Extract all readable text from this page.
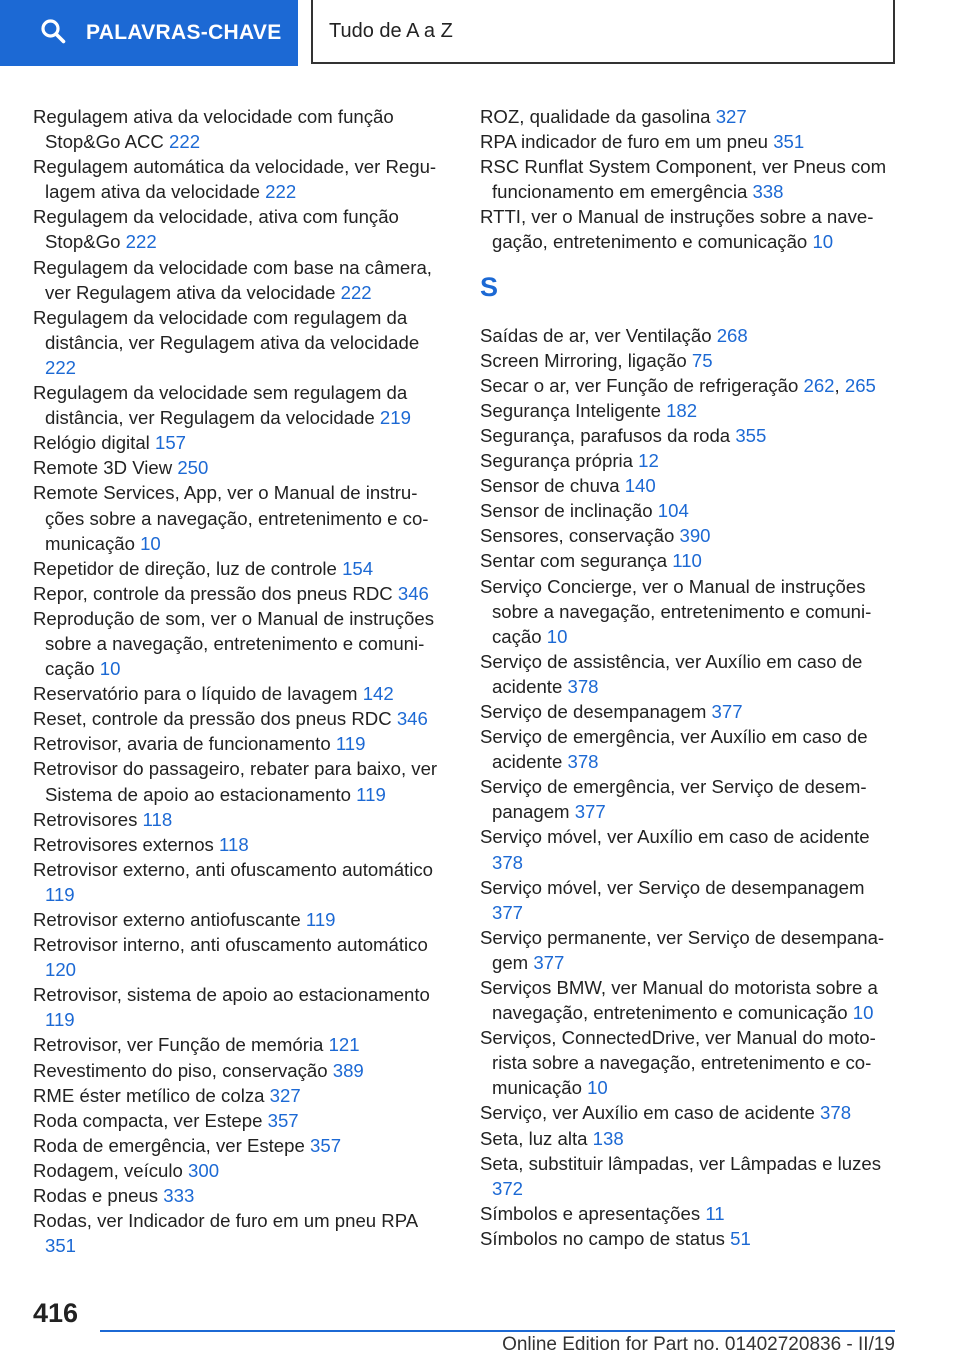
PALAVRAS-CHAVE Tudo de A a Z
Regulagem ativa da velocidade com função Stop&Go ACC 222
Regulagem automática da velocidade, ver Regulagem ativa da velocidade 222
Regulagem da velocidade, ativa com função Stop&Go 222
Regulagem da velocidade com base na câmera, ver Regulagem ativa da velocidade 222
Regulagem da velocidade com regulagem da distância, ver Regulagem ativa da velocidade 222
Regulagem da velocidade sem regulagem da distância, ver Regulagem da velocidade 219
Relógio digital 157
Remote 3D View 250
Remote Services, App, ver o Manual de instruções sobre a navegação, entretenimento e comunicação 10
Repetidor de direção, luz de controle 154
Repor, controle da pressão dos pneus RDC 346
Reprodução de som, ver o Manual de instruções sobre a navegação, entretenimento e comunicação 10
Reservatório para o líquido de lavagem 142
Reset, controle da pressão dos pneus RDC 346
Retrovisor, avaria de funcionamento 119
Retrovisor do passageiro, rebater para baixo, ver Sistema de apoio ao estacionamento 119
Retrovisores 118
Retrovisores externos 118
Retrovisor externo, anti ofuscamento automático 119
Retrovisor externo antiofuscante 119
Retrovisor interno, anti ofuscamento automático 120
Retrovisor, sistema de apoio ao estacionamento 119
Retrovisor, ver Função de memória 121
Revestimento do piso, conservação 389
RME éster metílico de colza 327
Roda compacta, ver Estepe 357
Roda de emergência, ver Estepe 357
Rodagem, veículo 300
Rodas e pneus 333
Rodas, ver Indicador de furo em um pneu RPA 351
ROZ, qualidade da gasolina 327
RPA indicador de furo em um pneu 351
RSC Runflat System Component, ver Pneus com funcionamento em emergência 338
RTTI, ver o Manual de instruções sobre a navegação, entretenimento e comunicação 10
S
Saídas de ar, ver Ventilação 268
Screen Mirroring, ligação 75
Secar o ar, ver Função de refrigeração 262, 265
Segurança Inteligente 182
Segurança, parafusos da roda 355
Segurança própria 12
Sensor de chuva 140
Sensor de inclinação 104
Sensores, conservação 390
Sentar com segurança 110
Serviço Concierge, ver o Manual de instruções sobre a navegação, entretenimento e comunicação 10
Serviço de assistência, ver Auxílio em caso de acidente 378
Serviço de desempanagem 377
Serviço de emergência, ver Auxílio em caso de acidente 378
Serviço de emergência, ver Serviço de desempanagem 377
Serviço móvel, ver Auxílio em caso de acidente 378
Serviço móvel, ver Serviço de desempanagem 377
Serviço permanente, ver Serviço de desempanagem 377
Serviços BMW, ver Manual do motorista sobre a navegação, entretenimento e comunicação 10
Serviços, ConnectedDrive, ver Manual do motorista sobre a navegação, entretenimento e comunicação 10
Serviço, ver Auxílio em caso de acidente 378
Seta, luz alta 138
Seta, substituir lâmpadas, ver Lâmpadas e luzes 372
Símbolos e apresentações 11
Símbolos no campo de status 51
416
Online Edition for Part no. 01402720836 - II/19
